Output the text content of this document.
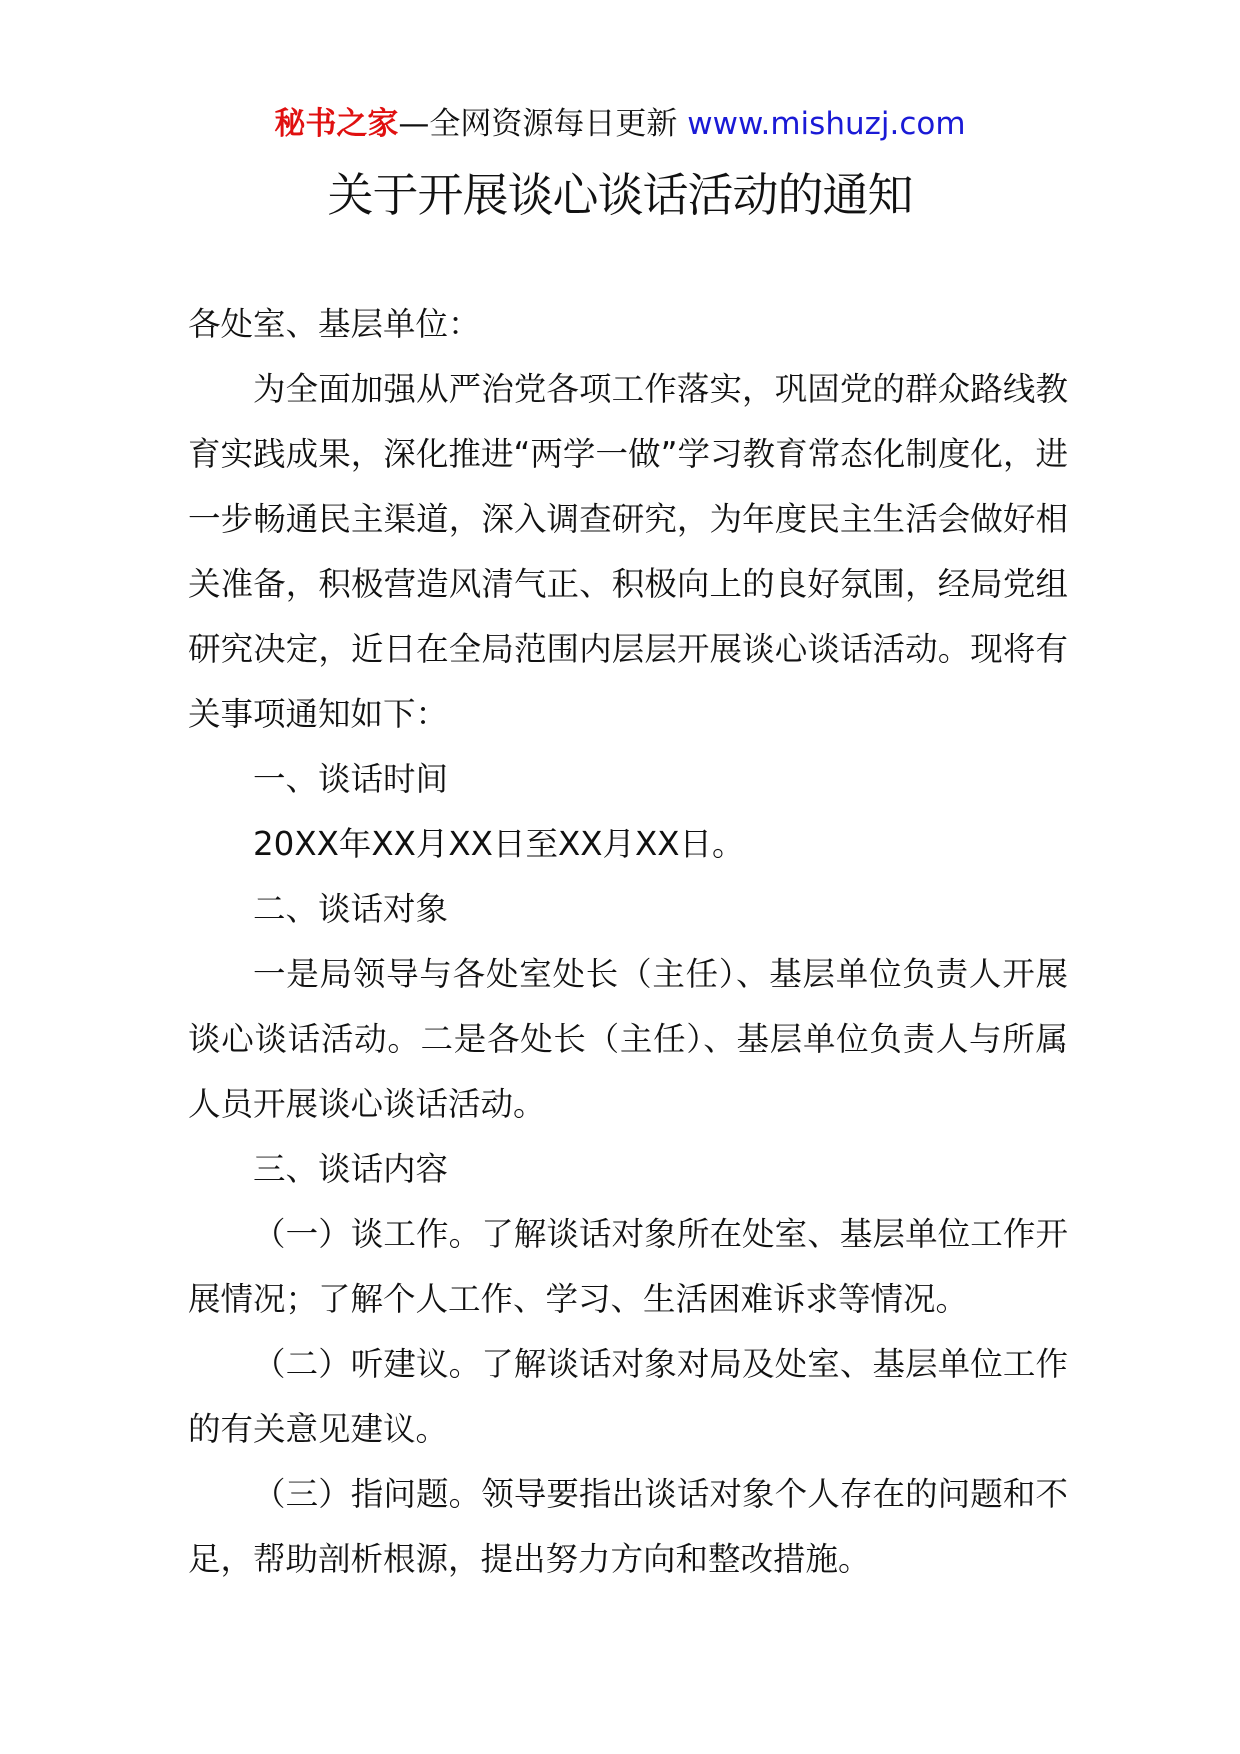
秘书之家—全网资源每日更新 www.mishuzj.com
关于开展谈心谈话活动的通知

各处室、基层单位：

为全面加强从严治党各项工作落实，巩固党的群众路线教育实践成果，深化推进“两学一做”学习教育常态化制度化，进一步畅通民主渠道，深入调查研究，为年度民主生活会做好相关准备，积极营造风清气正、积极向上的良好氛围，经局党组研究决定，近日在全局范围内层层开展谈心谈话活动。现将有关事项通知如下：

一、谈话时间

20XX年XX月XX日至XX月XX日。

二、谈话对象

一是局领导与各处室处长（主任）、基层单位负责人开展谈心谈话活动。二是各处长（主任）、基层单位负责人与所属人员开展谈心谈话活动。

三、谈话内容

（一）谈工作。了解谈话对象所在处室、基层单位工作开展情况；了解个人工作、学习、生活困难诉求等情况。

（二）听建议。了解谈话对象对局及处室、基层单位工作的有关意见建议。

（三）指问题。领导要指出谈话对象个人存在的问题和不足，帮助剖析根源，提出努力方向和整改措施。
